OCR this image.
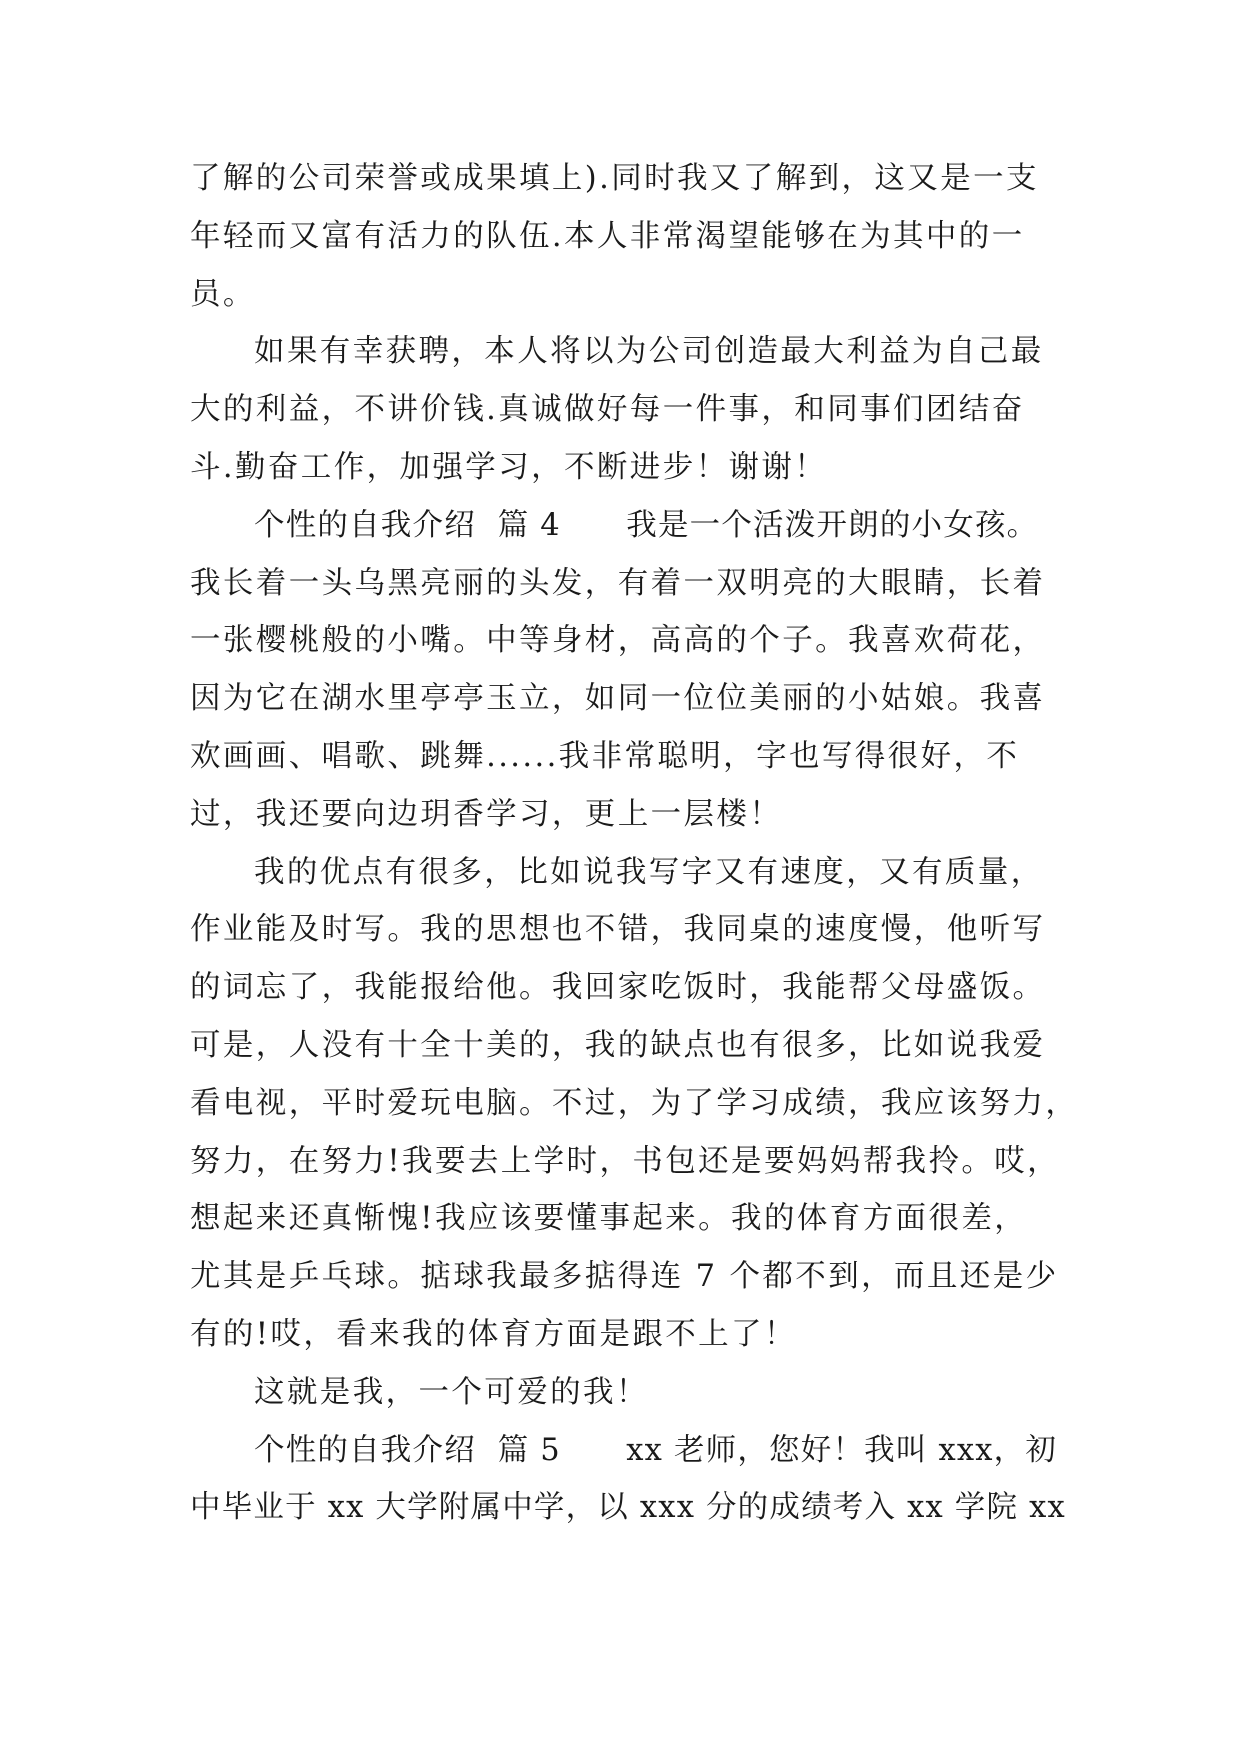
了解的公司荣誉或成果填上).同时我又了解到，这又是一支
年轻而又富有活力的队伍.本人非常渴望能够在为其中的一
员。
如果有幸获聘，本人将以为公司创造最大利益为自己最
大的利益，不讲价钱.真诚做好每一件事，和同事们团结奋
斗.勤奋工作，加强学习，不断进步！谢谢！
个性的自我介绍  篇 4      我是一个活泼开朗的小女孩。
我长着一头乌黑亮丽的头发，有着一双明亮的大眼睛，长着
一张樱桃般的小嘴。中等身材，高高的个子。我喜欢荷花，
因为它在湖水里亭亭玉立，如同一位位美丽的小姑娘。我喜
欢画画、唱歌、跳舞......我非常聪明，字也写得很好，不
过，我还要向边玥香学习，更上一层楼！
我的优点有很多，比如说我写字又有速度，又有质量，
作业能及时写。我的思想也不错，我同桌的速度慢，他听写
的词忘了，我能报给他。我回家吃饭时，我能帮父母盛饭。
可是，人没有十全十美的，我的缺点也有很多，比如说我爱
看电视，平时爱玩电脑。不过，为了学习成绩，我应该努力，
努力，在努力!我要去上学时，书包还是要妈妈帮我拎。哎，
想起来还真惭愧!我应该要懂事起来。我的体育方面很差，
尤其是乒乓球。掂球我最多掂得连 7 个都不到，而且还是少
有的!哎，看来我的体育方面是跟不上了！
这就是我，一个可爱的我！
个性的自我介绍  篇 5      xx 老师，您好！我叫 xxx，初
中毕业于 xx 大学附属中学，以 xxx 分的成绩考入 xx 学院 xx
